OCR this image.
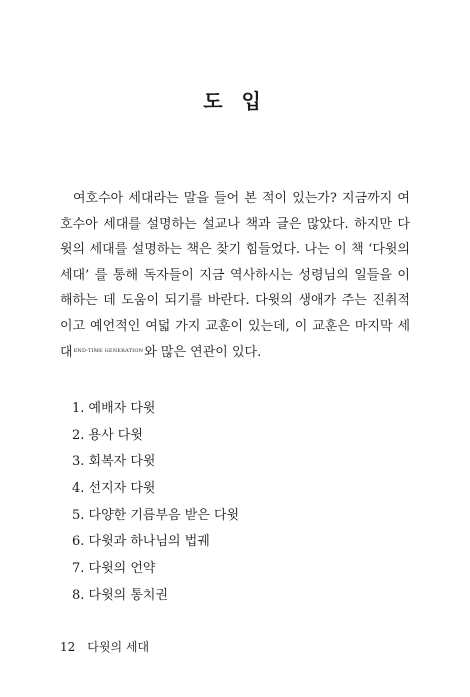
도 입

여호수아 세대라는 말을 들어 본 적이 있는가? 지금까지 여호수아 세대를 설명하는 설교나 책과 글은 많았다. 하지만 다윗의 세대를 설명하는 책은 찾기 힘들었다. 나는 이 책 ‘다윗의 세대’ 를 통해 독자들이 지금 역사하시는 성령님의 일들을 이해하는 데 도움이 되기를 바란다. 다윗의 생애가 주는 진취적이고 예언적인 여덟 가지 교훈이 있는데, 이 교훈은 마지막 세대$^{END-TIME GENERATION}$와 많은 연관이 있다.

1. 예배자 다윗
2. 용사 다윗
3. 회복자 다윗
4. 선지자 다윗
5. 다양한 기름부음 받은 다윗
6. 다윗과 하나님의 법궤
7. 다윗의 언약
8. 다윗의 통치권
12 다윗의 세대
